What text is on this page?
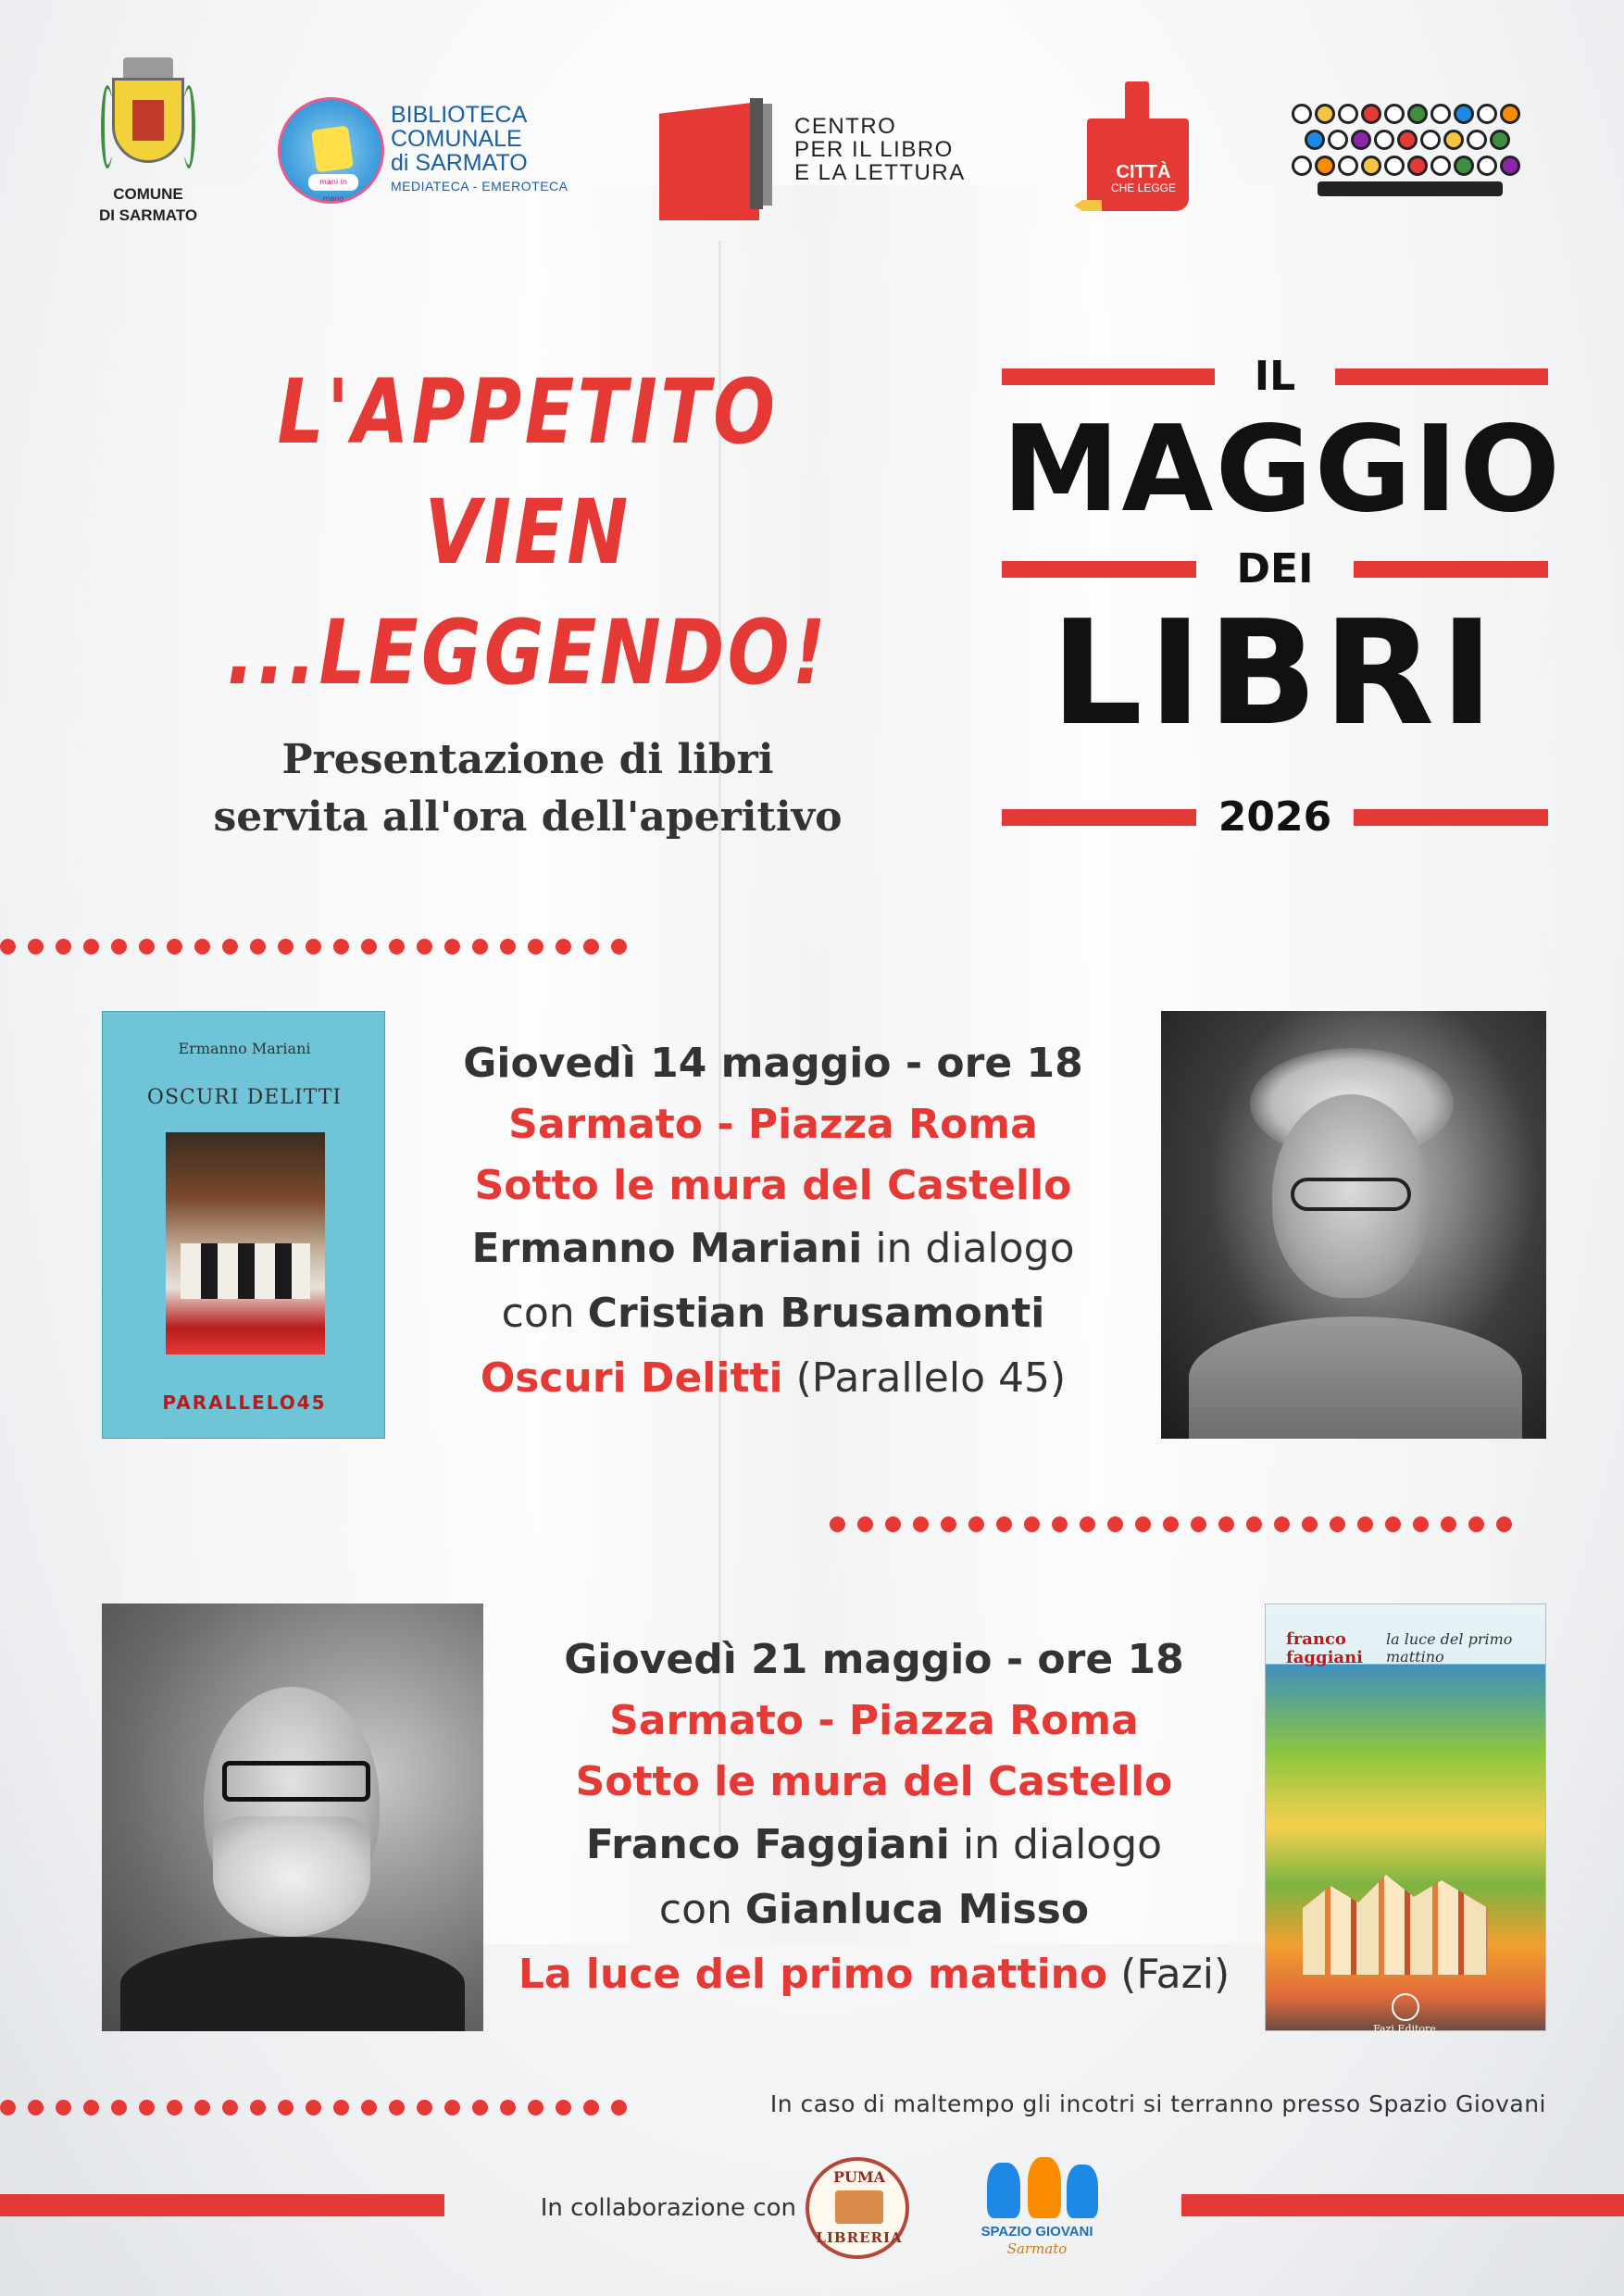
COMUNE
DI SARMATO
mani in mano
BIBLIOTECA
COMUNALE
di SARMATO
MEDIATECA - EMEROTECA
CENTRO
PER IL LIBRO
E LA LETTURA	CITTÀ
CHE LEGGE
L'APPETITO VIEN
...LEGGENDO!
Presentazione di libri
servita all'ora dell'aperitivo
IL
MAGGIO
DEI
LIBRI
2026
Ermanno Mariani
OSCURI DELITTI
PARALLELO45
Giovedì 14 maggio - ore 18
Sarmato - Piazza Roma
Sotto le mura del Castello
Ermanno Mariani in dialogo
con Cristian Brusamonti
Oscuri Delitti (Parallelo 45)
Giovedì 21 maggio - ore 18
Sarmato - Piazza Roma
Sotto le mura del Castello
Franco Faggiani in dialogo
con Gianluca Misso
La luce del primo mattino (Fazi)
franco faggiani
la luce del primo mattino
Fazi Editore
In caso di maltempo gli incotri si terranno presso Spazio Giovani
In collaborazione con
PUMA
LIBRERIA	SPAZIO GIOVANI
Sarmato
